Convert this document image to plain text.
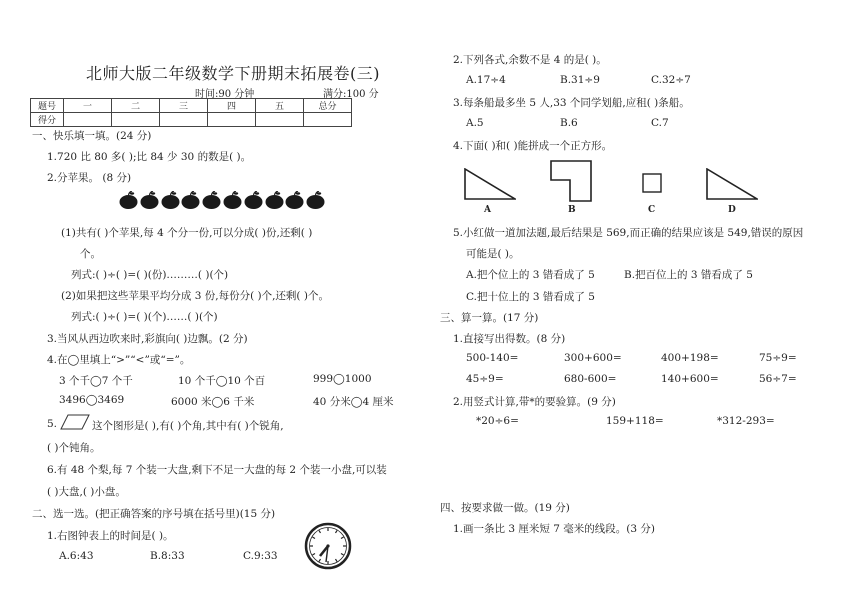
北师大版二年级数学下册期末拓展卷(三)
时间:90 分钟	满分:100 分
题号	一	二	三	四	五	总分
得分						
一、快乐填一填。(24 分)
1.720 比 80 多( );比 84 少 30 的数是( )。
2.分苹果。 (8 分)
(1)共有( )个苹果,每 4 个分一份,可以分成( )份,还剩( )
个。
列式:( )÷( )=( )(份)………( )(个)
(2)如果把这些苹果平均分成 3 份,每份分( )个,还剩( )个。
列式:( )÷( )=( )(个)……( )(个)
3.当风从西边吹来时,彩旗向( )边飘。(2 分)
4.在◯里填上“>”“<”或“=”。
3 个千◯7 个千	10 个千◯10 个百	999◯1000
3496◯3469	6000 米◯6 千米	40 分米◯4 厘米
5.	这个图形是( ),有( )个角,其中有( )个锐角,
( )个钝角。
6.有 48 个梨,每 7 个装一大盘,剩下不足一大盘的每 2 个装一小盘,可以装
( )大盘,( )小盘。
二、选一选。(把正确答案的序号填在括号里)(15 分)
1.右图钟表上的时间是( )。
A.6:43	B.8:33	C.9:33
2.下列各式,余数不是 4 的是( )。
A.17÷4	B.31÷9	C.32÷7
3.每条船最多坐 5 人,33 个同学划船,应租( )条船。
A.5	B.6	C.7
4.下面( )和( )能拼成一个正方形。
A	B	C	D
5.小红做一道加法题,最后结果是 569,而正确的结果应该是 549,错误的原因
可能是( )。
A.把个位上的 3 错看成了 5	B.把百位上的 3 错看成了 5
C.把十位上的 3 错看成了 5
三、算一算。(17 分)
1.直接写出得数。(8 分)
500-140=	300+600=	400+198=	75÷9=
45÷9=	680-600=	140+600=	56÷7=
2.用竖式计算,带*的要验算。(9 分)
*20÷6=	159+118=	*312-293=
四、按要求做一做。(19 分)
1.画一条比 3 厘米短 7 毫米的线段。(3 分)
